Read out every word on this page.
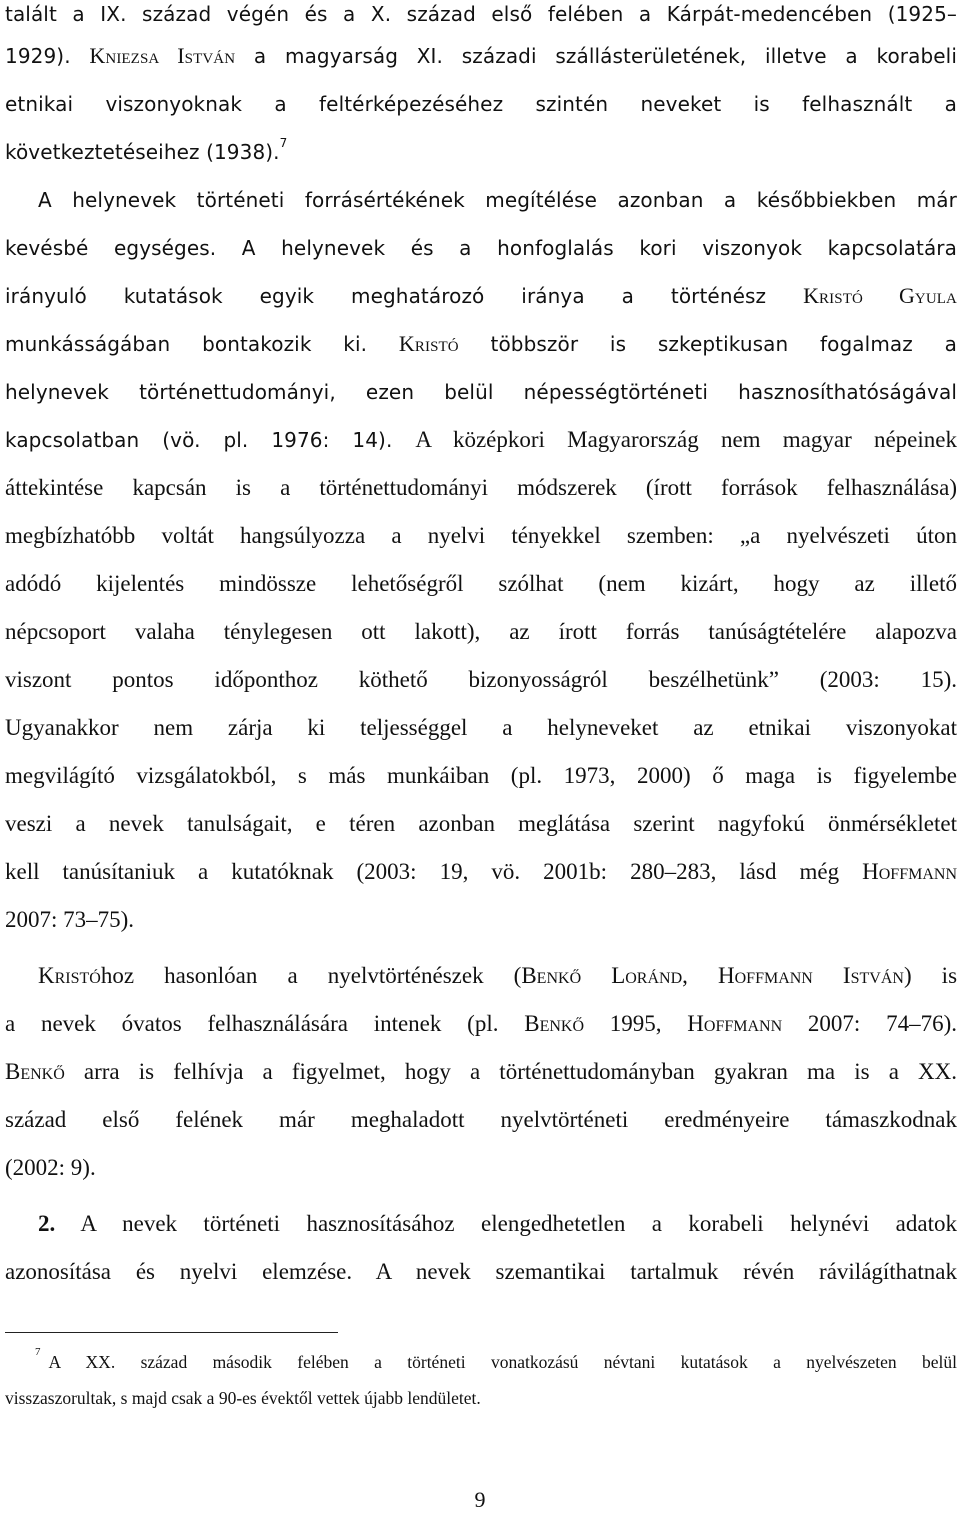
talált a IX. század végén és a X. század első felében a Kárpát-medencében (1925–
1929). Kniezsa István a magyarság XI. századi szállásterületének, illetve a korabeli
etnikai viszonyoknak a feltérképezéséhez szintén neveket is felhasznált a
következtetéseihez (1938).$^7$
A helynevek történeti forrásértékének megítélése azonban a későbbiekben már
kevésbé egységes. A helynevek és a honfoglalás kori viszonyok kapcsolatára
irányuló kutatások egyik meghatározó iránya a történész Kristó Gyula
munkásságában bontakozik ki. Kristó többször is szkeptikusan fogalmaz a
helynevek történettudományi, ezen belül népességtörténeti hasznosíthatóságával
kapcsolatban (vö. pl. 1976: 14). A középkori Magyarország nem magyar népeinek
áttekintése kapcsán is a történettudományi módszerek (írott források felhasználása)
megbízhatóbb voltát hangsúlyozza a nyelvi tényekkel szemben: „a nyelvészeti úton
adódó kijelentés mindössze lehetőségről szólhat (nem kizárt, hogy az illető
népcsoport valaha ténylegesen ott lakott), az írott forrás tanúságtételére alapozva
viszont pontos időponthoz köthető bizonyosságról beszélhetünk” (2003: 15).
Ugyanakkor nem zárja ki teljességgel a helyneveket az etnikai viszonyokat
megvilágító vizsgálatokból, s más munkáiban (pl. 1973, 2000) ő maga is figyelembe
veszi a nevek tanulságait, e téren azonban meglátása szerint nagyfokú önmérsékletet
kell tanúsítaniuk a kutatóknak (2003: 19, vö. 2001b: 280–283, lásd még Hoffmann
2007: 73–75).
Kristóhoz hasonlóan a nyelvtörténészek (Benkő Loránd, Hoffmann István) is
a nevek óvatos felhasználására intenek (pl. Benkő 1995, Hoffmann 2007: 74–76).
Benkő arra is felhívja a figyelmet, hogy a történettudományban gyakran ma is a XX.
század első felének már meghaladott nyelvtörténeti eredményeire támaszkodnak
(2002: 9).
2. A nevek történeti hasznosításához elengedhetetlen a korabeli helynévi adatok
azonosítása és nyelvi elemzése. A nevek szemantikai tartalmuk révén rávilágíthatnak
$^7$ A XX. század második felében a történeti vonatkozású névtani kutatások a nyelvészeten belül
visszaszorultak, s majd csak a 90-es évektől vettek újabb lendületet.
9
